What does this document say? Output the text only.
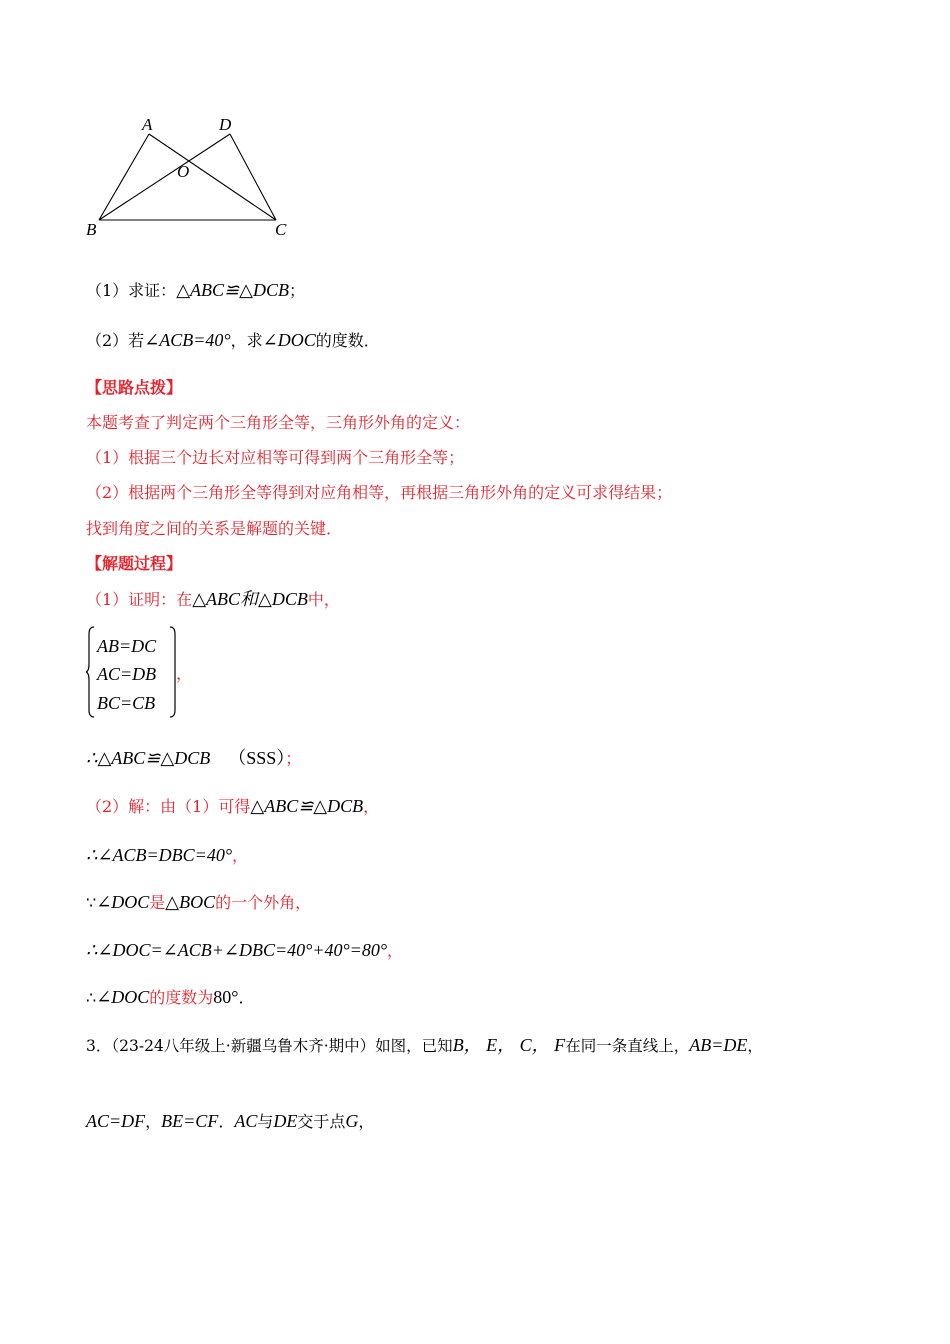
A	D
O
B	C
（1）求证：△ABC≌△DCB；
（2）若∠ACB=40°，求∠DOC的度数．
【思路点拨】
本题考查了判定两个三角形全等，三角形外角的定义：
（1）根据三个边长对应相等可得到两个三角形全等；
（2）根据两个三角形全等得到对应角相等，再根据三角形外角的定义可求得结果；
找到角度之间的关系是解题的关键．
【解题过程】
（1）证明：在△ABC和△DCB中，
AB=DC
AC=DB
BC=CB
，
∴△ABC≌△DCB （SSS）；
（2）解：由（1）可得△ABC≌△DCB，
∴∠ACB=DBC=40°，
∵∠DOC是△BOC的一个外角，
∴∠DOC=∠ACB+∠DBC=40°+40°=80°，
∴∠DOC的度数为80°．
3．（23-24八年级上·新疆乌鲁木齐·期中）如图，已知B， E， C， F在同一条直线上，AB=DE，
AC=DF，BE=CF．AC与DE交于点G，
